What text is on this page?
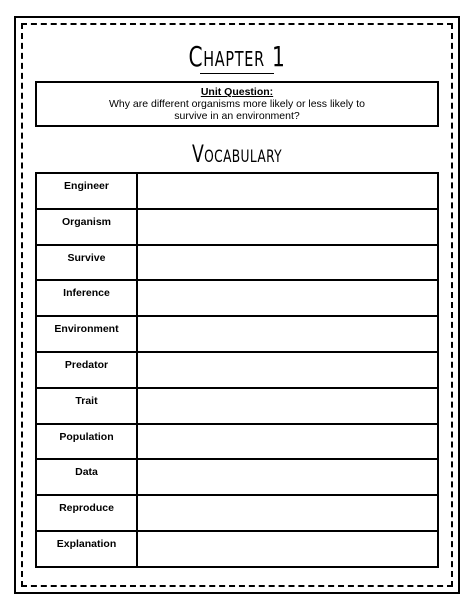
Chapter 1
Unit Question:
Why are different organisms more likely or less likely to
survive in an environment?
Vocabulary
Engineer	
Organism	
Survive	
Inference	
Environment	
Predator	
Trait	
Population	
Data	
Reproduce	
Explanation	
